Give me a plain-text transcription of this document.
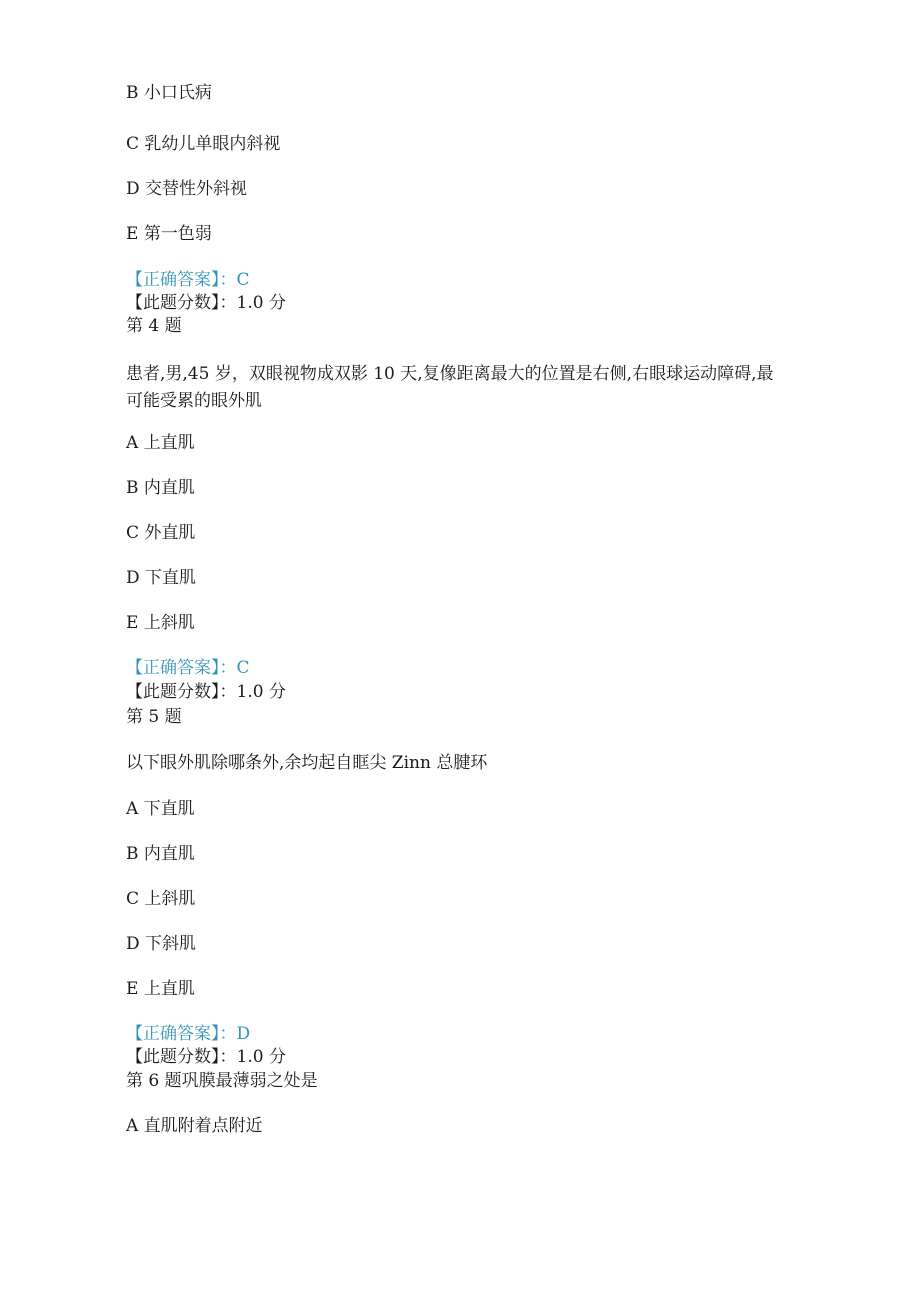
B 小口氏病
C 乳幼儿单眼内斜视
D 交替性外斜视
E 第一色弱
【正确答案】：C
【此题分数】：1.0 分
第 4 题
患者,男,45 岁，双眼视物成双影 10 天,复像距离最大的位置是右侧,右眼球运动障碍,最可能受累的眼外肌
A 上直肌
B 内直肌
C 外直肌
D 下直肌
E 上斜肌
【正确答案】：C
【此题分数】：1.0 分
第 5 题
以下眼外肌除哪条外,余均起自眶尖 Zinn 总腱环
A 下直肌
B 内直肌
C 上斜肌
D 下斜肌
E 上直肌
【正确答案】：D
【此题分数】：1.0 分
第 6 题巩膜最薄弱之处是
A 直肌附着点附近
